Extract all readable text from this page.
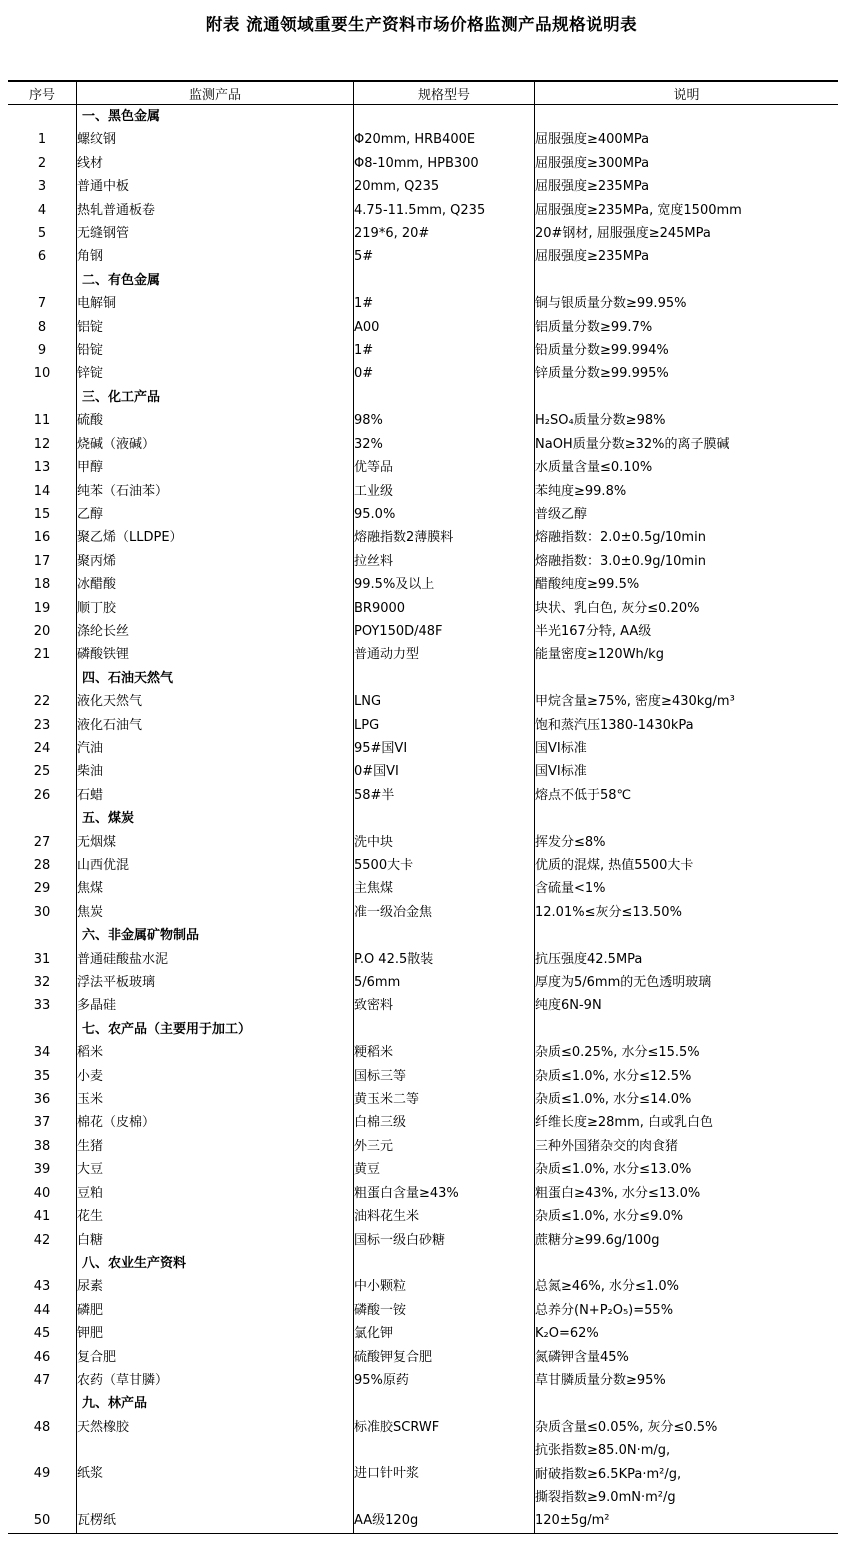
附表 流通领域重要生产资料市场价格监测产品规格说明表
序号	监测产品	规格型号	说明
	一、黑色金属		
1	螺纹钢	Φ20mm, HRB400E	屈服强度≥400MPa
2	线材	Φ8-10mm, HPB300	屈服强度≥300MPa
3	普通中板	20mm, Q235	屈服强度≥235MPa
4	热轧普通板卷	4.75-11.5mm, Q235	屈服强度≥235MPa, 宽度1500mm
5	无缝钢管	219*6, 20#	20#钢材, 屈服强度≥245MPa
6	角钢	5#	屈服强度≥235MPa
	二、有色金属		
7	电解铜	1#	铜与银质量分数≥99.95%
8	铝锭	A00	铝质量分数≥99.7%
9	铅锭	1#	铅质量分数≥99.994%
10	锌锭	0#	锌质量分数≥99.995%
	三、化工产品		
11	硫酸	98%	H₂SO₄质量分数≥98%
12	烧碱（液碱）	32%	NaOH质量分数≥32%的离子膜碱
13	甲醇	优等品	水质量含量≤0.10%
14	纯苯（石油苯）	工业级	苯纯度≥99.8%
15	乙醇	95.0%	普级乙醇
16	聚乙烯（LLDPE）	熔融指数2薄膜料	熔融指数：2.0±0.5g/10min
17	聚丙烯	拉丝料	熔融指数：3.0±0.9g/10min
18	冰醋酸	99.5%及以上	醋酸纯度≥99.5%
19	顺丁胶	BR9000	块状、乳白色, 灰分≤0.20%
20	涤纶长丝	POY150D/48F	半光167分特, AA级
21	磷酸铁锂	普通动力型	能量密度≥120Wh/kg
	四、石油天然气		
22	液化天然气	LNG	甲烷含量≥75%, 密度≥430kg/m³
23	液化石油气	LPG	饱和蒸汽压1380-1430kPa
24	汽油	95#国VI	国VI标准
25	柴油	0#国VI	国VI标准
26	石蜡	58#半	熔点不低于58℃
	五、煤炭		
27	无烟煤	洗中块	挥发分≤8%
28	山西优混	5500大卡	优质的混煤, 热值5500大卡
29	焦煤	主焦煤	含硫量<1%
30	焦炭	准一级冶金焦	12.01%≤灰分≤13.50%
	六、非金属矿物制品		
31	普通硅酸盐水泥	P.O 42.5散装	抗压强度42.5MPa
32	浮法平板玻璃	5/6mm	厚度为5/6mm的无色透明玻璃
33	多晶硅	致密料	纯度6N-9N
	七、农产品（主要用于加工）		
34	稻米	粳稻米	杂质≤0.25%, 水分≤15.5%
35	小麦	国标三等	杂质≤1.0%, 水分≤12.5%
36	玉米	黄玉米二等	杂质≤1.0%, 水分≤14.0%
37	棉花（皮棉）	白棉三级	纤维长度≥28mm, 白或乳白色
38	生猪	外三元	三种外国猪杂交的肉食猪
39	大豆	黄豆	杂质≤1.0%, 水分≤13.0%
40	豆粕	粗蛋白含量≥43%	粗蛋白≥43%, 水分≤13.0%
41	花生	油料花生米	杂质≤1.0%, 水分≤9.0%
42	白糖	国标一级白砂糖	蔗糖分≥99.6g/100g
	八、农业生产资料		
43	尿素	中小颗粒	总氮≥46%, 水分≤1.0%
44	磷肥	磷酸一铵	总养分(N+P₂O₅)=55%
45	钾肥	氯化钾	K₂O=62%
46	复合肥	硫酸钾复合肥	氮磷钾含量45%
47	农药（草甘膦）	95%原药	草甘膦质量分数≥95%
	九、林产品		
48	天然橡胶	标准胶SCRWF	杂质含量≤0.05%, 灰分≤0.5%
49	纸浆	进口针叶浆	抗张指数≥85.0N·m/g,
耐破指数≥6.5KPa·m²/g,
撕裂指数≥9.0mN·m²/g

50	瓦楞纸	AA级120g	120±5g/m²
